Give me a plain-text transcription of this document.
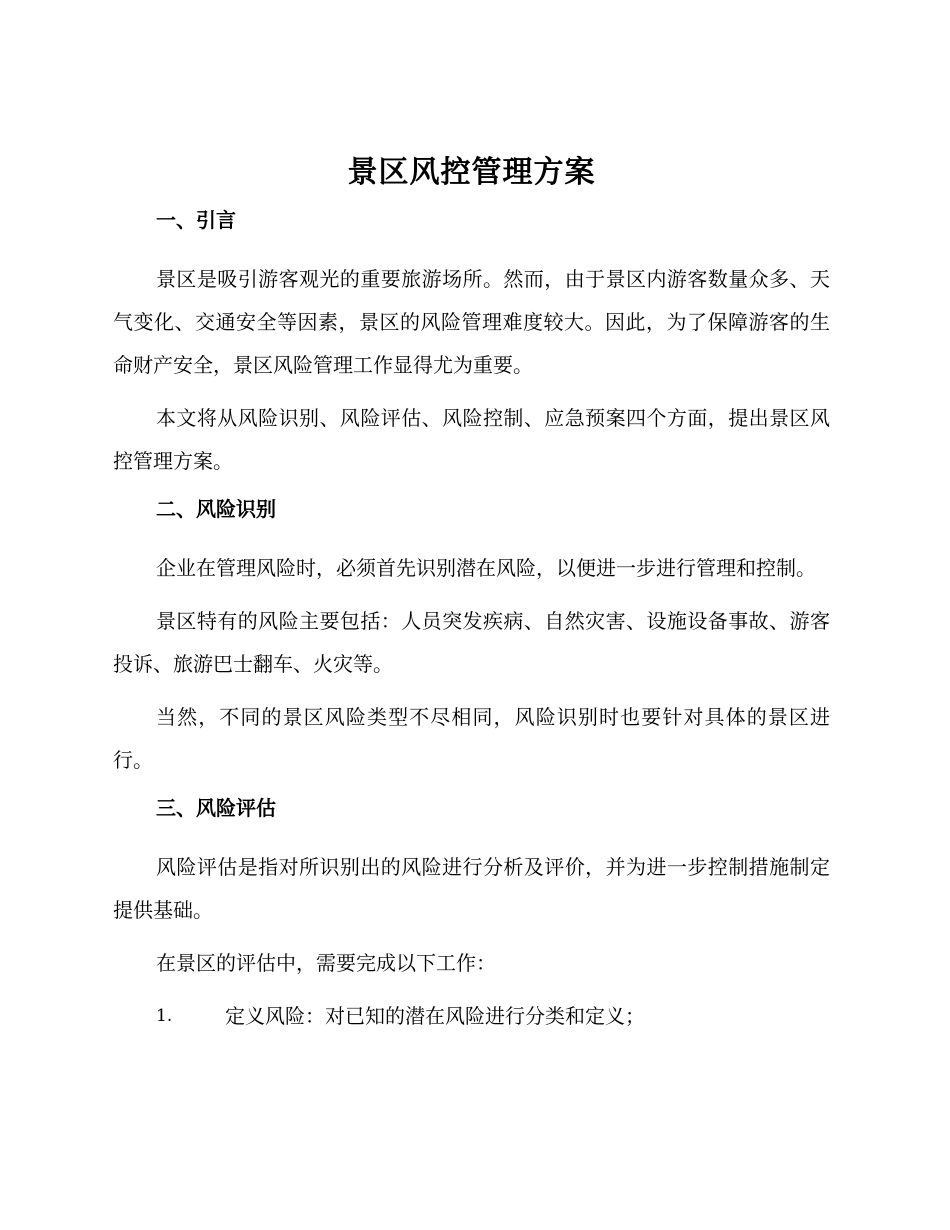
景区风控管理方案
一、引言

景区是吸引游客观光的重要旅游场所。然而，由于景区内游客数量众多、天气变化、交通安全等因素，景区的风险管理难度较大。因此，为了保障游客的生命财产安全，景区风险管理工作显得尤为重要。

本文将从风险识别、风险评估、风险控制、应急预案四个方面，提出景区风控管理方案。

二、风险识别

企业在管理风险时，必须首先识别潜在风险，以便进一步进行管理和控制。

景区特有的风险主要包括：人员突发疾病、自然灾害、设施设备事故、游客投诉、旅游巴士翻车、火灾等。

当然，不同的景区风险类型不尽相同，风险识别时也要针对具体的景区进行。

三、风险评估

风险评估是指对所识别出的风险进行分析及评价，并为进一步控制措施制定提供基础。

在景区的评估中，需要完成以下工作：

1.	定义风险：对已知的潜在风险进行分类和定义；
